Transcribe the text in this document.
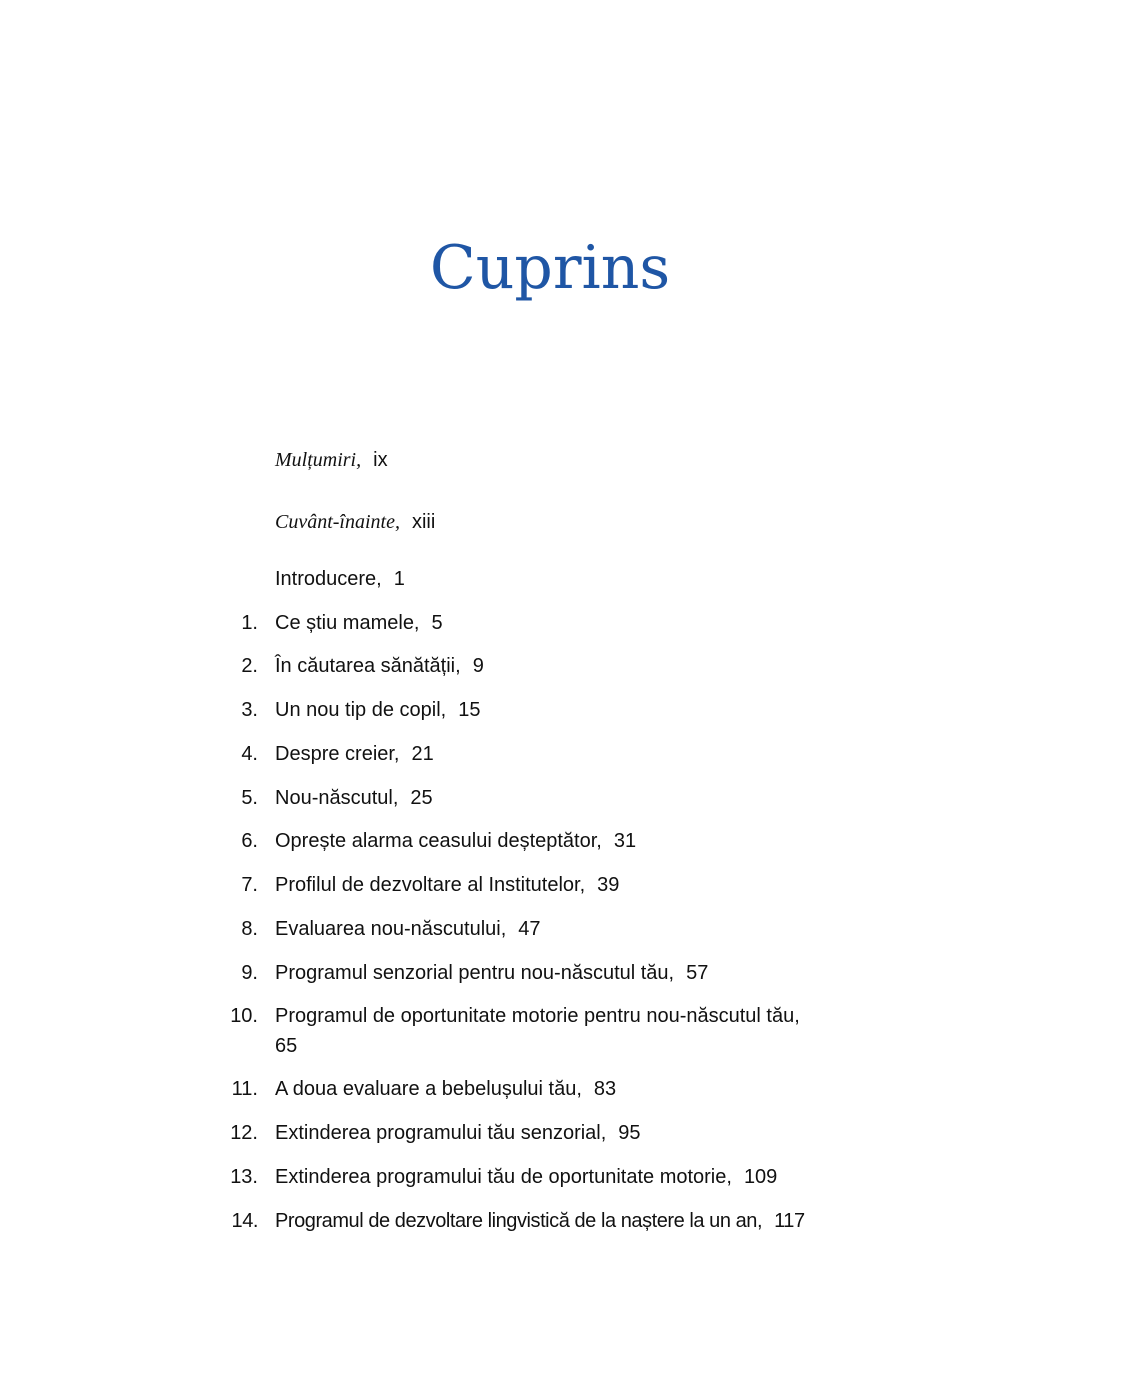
Cuprins
Mulțumiri, ix
Cuvânt-înainte, xiii
Introducere, 1
1. Ce știu mamele, 5
2. În căutarea sănătății, 9
3. Un nou tip de copil, 15
4. Despre creier, 21
5. Nou-născutul, 25
6. Oprește alarma ceasului deșteptător, 31
7. Profilul de dezvoltare al Institutelor, 39
8. Evaluarea nou-născutului, 47
9. Programul senzorial pentru nou-născutul tău, 57
10. Programul de oportunitate motorie pentru nou-născutul tău,65
11. A doua evaluare a bebelușului tău, 83
12. Extinderea programului tău senzorial, 95
13. Extinderea programului tău de oportunitate motorie, 109
14. Programul de dezvoltare lingvistică de la naștere la un an, 117
